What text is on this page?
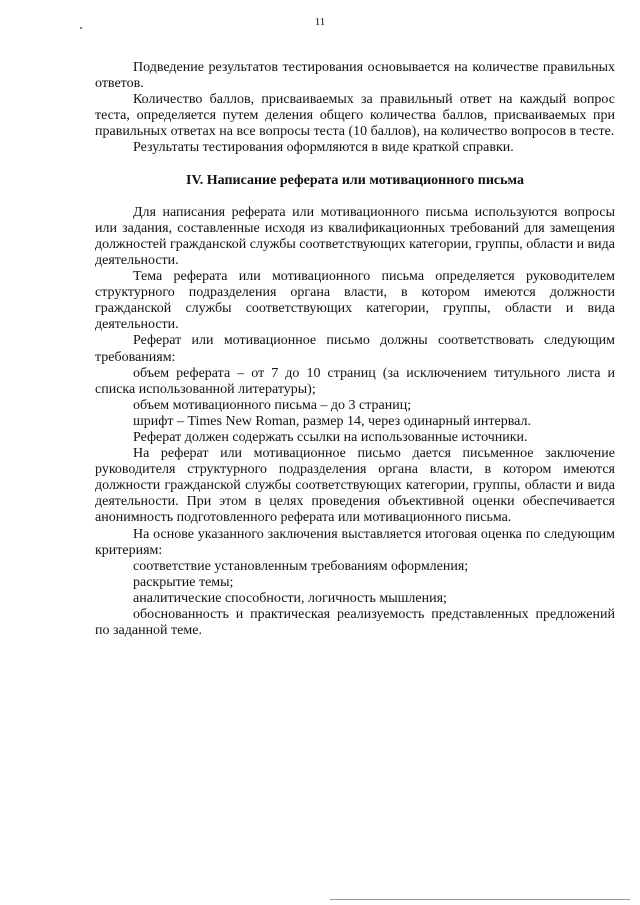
11

Подведение результатов тестирования основывается на количестве правильных ответов.

Количество баллов, присваиваемых за правильный ответ на каждый вопрос теста, определяется путем деления общего количества баллов, присваиваемых при правильных ответах на все вопросы теста (10 баллов), на количество вопросов в тесте.

Результаты тестирования оформляются в виде краткой справки.

IV. Написание реферата или мотивационного письма

Для написания реферата или мотивационного письма используются вопросы или задания, составленные исходя из квалификационных требований для замещения должностей гражданской службы соответствующих категории, группы, области и вида деятельности.

Тема реферата или мотивационного письма определяется руководителем структурного подразделения органа власти, в котором имеются должности гражданской службы соответствующих категории, группы, области и вида деятельности.

Реферат или мотивационное письмо должны соответствовать следующим требованиям:

объем реферата – от 7 до 10 страниц (за исключением титульного листа и списка использованной литературы);

объем мотивационного письма – до 3 страниц;

шрифт – Times New Roman, размер 14, через одинарный интервал.

Реферат должен содержать ссылки на использованные источники.

На реферат или мотивационное письмо дается письменное заключение руководителя структурного подразделения органа власти, в котором имеются должности гражданской службы соответствующих категории, группы, области и вида деятельности. При этом в целях проведения объективной оценки обеспечивается анонимность подготовленного реферата или мотивационного письма.

На основе указанного заключения выставляется итоговая оценка по следующим критериям:

соответствие установленным требованиям оформления;

раскрытие темы;

аналитические способности, логичность мышления;

обоснованность и практическая реализуемость представленных предложений по заданной теме.
